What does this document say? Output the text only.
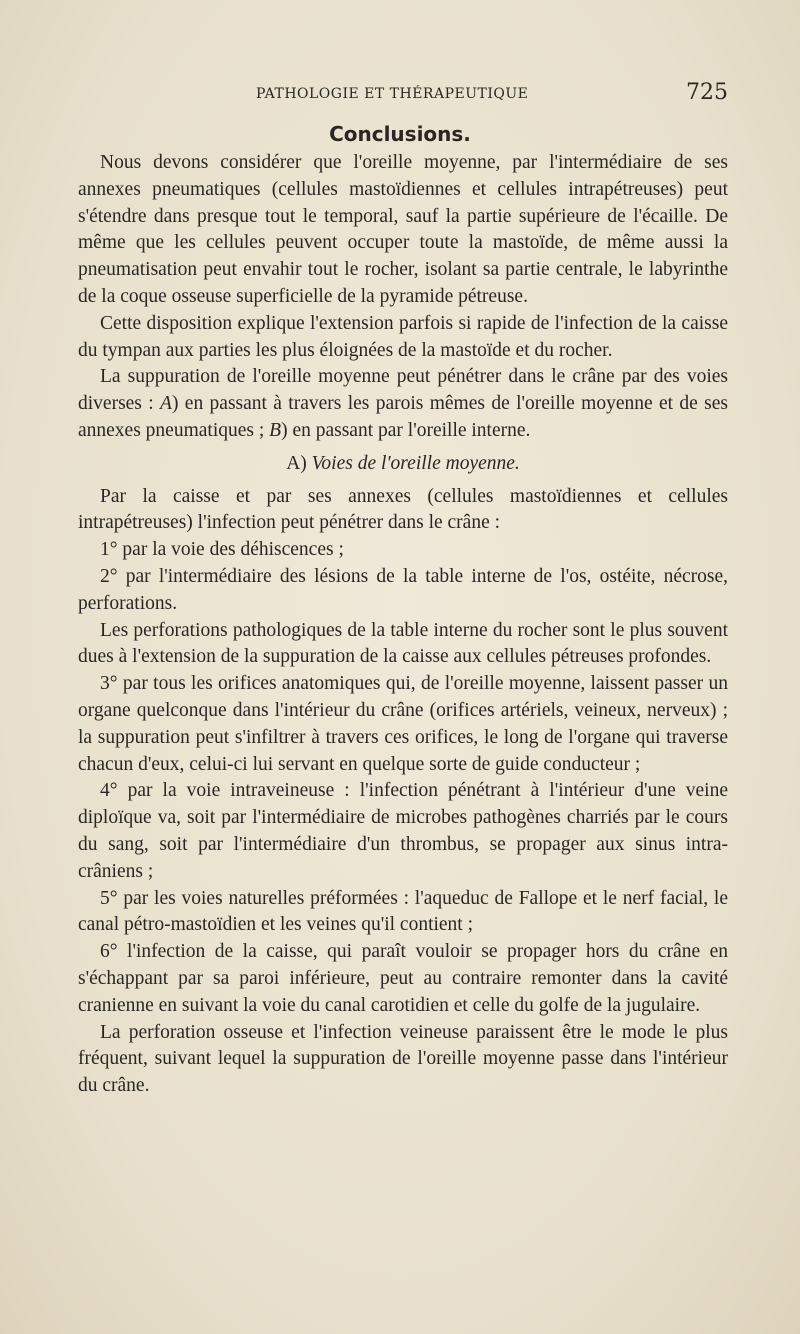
PATHOLOGIE ET THÉRAPEUTIQUE	725
Conclusions.

Nous devons considérer que l'oreille moyenne, par l'intermédiaire de ses annexes pneumatiques (cellules mastoïdiennes et cellules intrapétreuses) peut s'étendre dans presque tout le temporal, sauf la partie supérieure de l'écaille. De même que les cellules peuvent occuper toute la mastoïde, de même aussi la pneumatisation peut envahir tout le rocher, isolant sa partie centrale, le labyrinthe de la coque osseuse superficielle de la pyramide pétreuse.

Cette disposition explique l'extension parfois si rapide de l'infection de la caisse du tympan aux parties les plus éloignées de la mastoïde et du rocher.

La suppuration de l'oreille moyenne peut pénétrer dans le crâne par des voies diverses : A) en passant à travers les parois mêmes de l'oreille moyenne et de ses annexes pneumatiques ; B) en passant par l'oreille interne.

A) Voies de l'oreille moyenne.

Par la caisse et par ses annexes (cellules mastoïdiennes et cellules intrapétreuses) l'infection peut pénétrer dans le crâne :

1° par la voie des déhiscences ;

2° par l'intermédiaire des lésions de la table interne de l'os, ostéite, nécrose, perforations.

Les perforations pathologiques de la table interne du rocher sont le plus souvent dues à l'extension de la suppuration de la caisse aux cellules pétreuses profondes.

3° par tous les orifices anatomiques qui, de l'oreille moyenne, laissent passer un organe quelconque dans l'intérieur du crâne (orifices artériels, veineux, nerveux) ; la suppuration peut s'infiltrer à travers ces orifices, le long de l'organe qui traverse chacun d'eux, celui-ci lui servant en quelque sorte de guide conducteur ;

4° par la voie intraveineuse : l'infection pénétrant à l'intérieur d'une veine diploïque va, soit par l'intermédiaire de microbes pathogènes charriés par le cours du sang, soit par l'intermédiaire d'un thrombus, se propager aux sinus intra-crâniens ;

5° par les voies naturelles préformées : l'aqueduc de Fallope et le nerf facial, le canal pétro-mastoïdien et les veines qu'il contient ;

6° l'infection de la caisse, qui paraît vouloir se propager hors du crâne en s'échappant par sa paroi inférieure, peut au contraire remonter dans la cavité cranienne en suivant la voie du canal carotidien et celle du golfe de la jugulaire.

La perforation osseuse et l'infection veineuse paraissent être le mode le plus fréquent, suivant lequel la suppuration de l'oreille moyenne passe dans l'intérieur du crâne.
